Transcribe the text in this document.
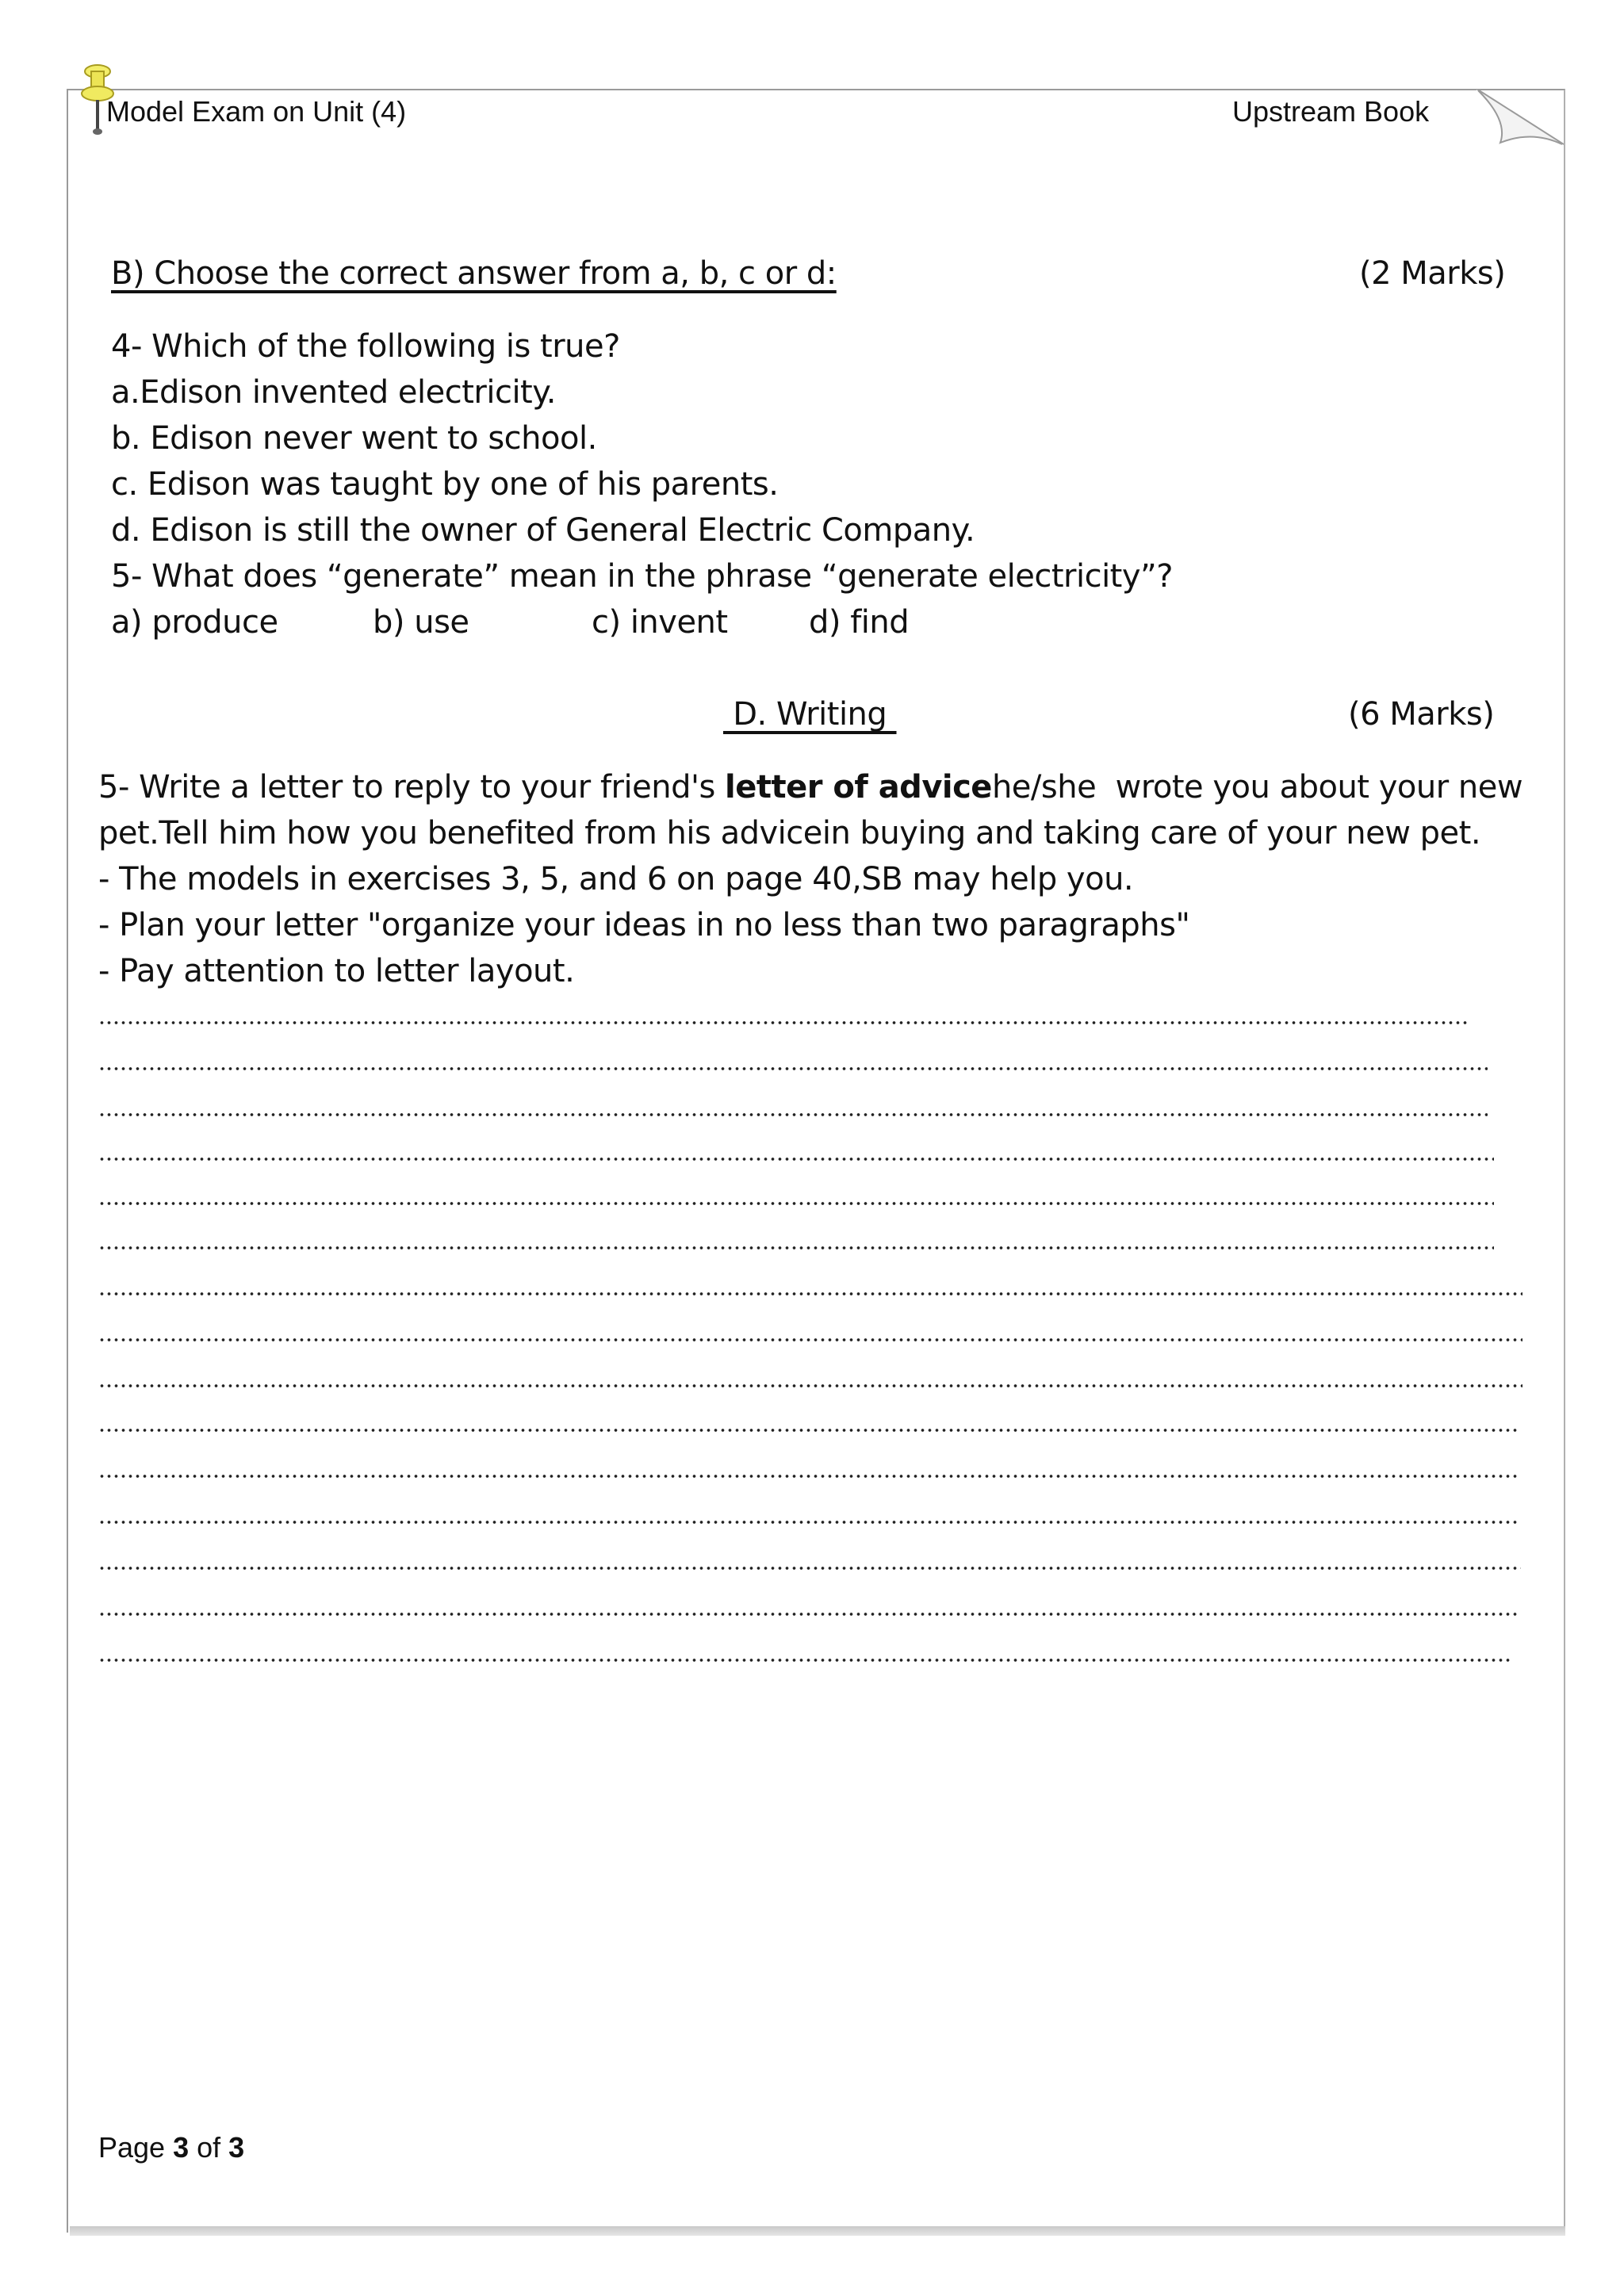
Model Exam on Unit (4)	Upstream Book
B) Choose the correct answer from a, b, c or d:	(2 Marks)
4- Which of the following is true?
a.Edison invented electricity.
b. Edison never went to school.
c. Edison was taught by one of his parents.
d. Edison is still the owner of General Electric Company.
5- What does “generate” mean in the phrase “generate electricity”?
a) produce	b) use	c) invent	d) find
D. Writing	(6 Marks)
5- Write a letter to reply to your friend's letter of advicehe/she  wrote you about your new
pet.Tell him how you benefited from his advicein buying and taking care of your new pet.
- The models in exercises 3, 5, and 6 on page 40,SB may help you.
- Plan your letter "organize your ideas in no less than two paragraphs"
- Pay attention to letter layout.
Page 3 of 3
